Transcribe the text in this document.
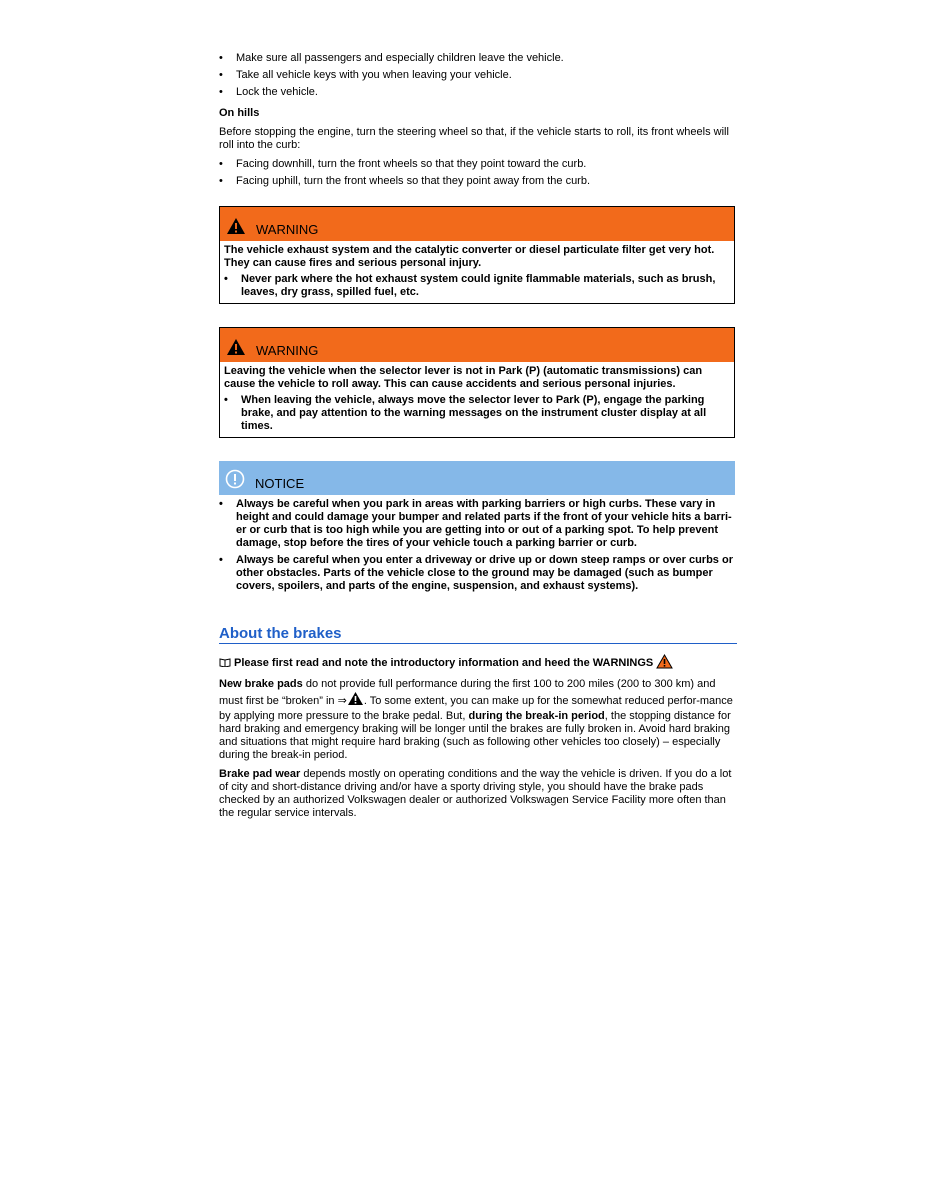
• Make sure all passengers and especially children leave the vehicle.
• Take all vehicle keys with you when leaving your vehicle.
• Lock the vehicle.
On hills

Before stopping the engine, turn the steering wheel so that, if the vehicle starts to roll, its front wheels will roll into the curb:

• Facing downhill, turn the front wheels so that they point toward the curb.
• Facing uphill, turn the front wheels so that they point away from the curb.
WARNING

The vehicle exhaust system and the catalytic converter or diesel particulate filter get very hot. They can cause fires and serious personal injury.

• Never park where the hot exhaust system could ignite flammable materials, such as brush, leaves, dry grass, spilled fuel, etc.
WARNING

Leaving the vehicle when the selector lever is not in Park (P) (automatic transmissions) can cause the vehicle to roll away. This can cause accidents and serious personal injuries.

• When leaving the vehicle, always move the selector lever to Park (P), engage the parking brake, and pay attention to the warning messages on the instrument cluster display at all times.
NOTICE
• Always be careful when you park in areas with parking barriers or high curbs. These vary in height and could damage your bumper and related parts if the front of your vehicle hits a barri-er or curb that is too high while you are getting into or out of a parking spot. To help prevent damage, stop before the tires of your vehicle touch a parking barrier or curb.
• Always be careful when you enter a driveway or drive up or down steep ramps or over curbs or other obstacles. Parts of the vehicle close to the ground may be damaged (such as bumper covers, spoilers, and parts of the engine, suspension, and exhaust systems).
About the brakes
Please first read and note the introductory information and heed the WARNINGS

New brake pads do not provide full performance during the first 100 to 200 miles (200 to 300 km) and must first be “broken” in ⇒ . To some extent, you can make up for the somewhat reduced perfor-mance by applying more pressure to the brake pedal. But, during the break-in period, the stopping distance for hard braking and emergency braking will be longer until the brakes are fully broken in. Avoid hard braking and situations that might require hard braking (such as following other vehicles too closely) – especially during the break-in period.

Brake pad wear depends mostly on operating conditions and the way the vehicle is driven. If you do a lot of city and short-distance driving and/or have a sporty driving style, you should have the brake pads checked by an authorized Volkswagen dealer or authorized Volkswagen Service Facility more often than the regular service intervals.
